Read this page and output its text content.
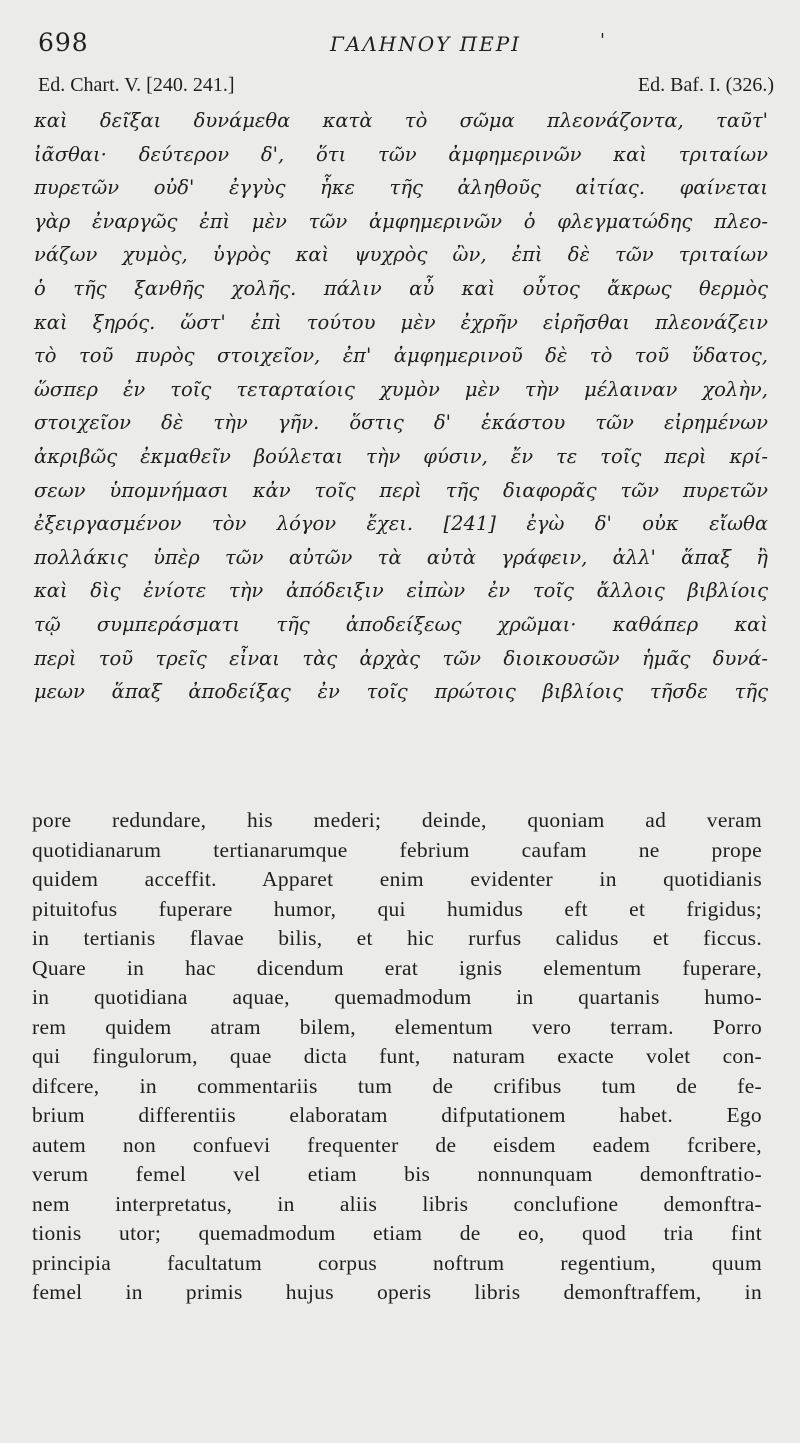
698	ΓΑΛΗΝΟΥ ΠΕΡΙ	'
Ed. Chart. V. [240. 241.]	Ed. Baf. I. (326.)
καὶ δεῖξαι δυνάμεθα κατὰ τὸ σῶμα πλεονάζοντα, ταῦτ'
ἰᾶσθαι· δεύτερον δ', ὅτι τῶν ἀμφημερινῶν καὶ τριταίων
πυρετῶν οὐδ' ἐγγὺς ἧκε τῆς ἀληθοῦς αἰτίας. φαίνεται
γὰρ ἐναργῶς ἐπὶ μὲν τῶν ἀμφημερινῶν ὁ φλεγματώδης πλεο-
νάζων χυμὸς, ὑγρὸς καὶ ψυχρὸς ὢν, ἐπὶ δὲ τῶν τριταίων
ὁ τῆς ξανθῆς χολῆς. πάλιν αὖ καὶ οὗτος ἄκρως θερμὸς
καὶ ξηρός. ὥστ' ἐπὶ τούτου μὲν ἐχρῆν εἰρῆσθαι πλεονάζειν
τὸ τοῦ πυρὸς στοιχεῖον, ἐπ' ἀμφημερινοῦ δὲ τὸ τοῦ ὕδατος,
ὥσπερ ἐν τοῖς τεταρταίοις χυμὸν μὲν τὴν μέλαιναν χολὴν,
στοιχεῖον δὲ τὴν γῆν. ὅστις δ' ἑκάστου τῶν εἰρημένων
ἀκριβῶς ἐκμαθεῖν βούλεται τὴν φύσιν, ἔν τε τοῖς περὶ κρί-
σεων ὑπομνήμασι κἀν τοῖς περὶ τῆς διαφορᾶς τῶν πυρετῶν
ἐξειργασμένον τὸν λόγον ἔχει. [241] ἐγὼ δ' οὐκ εἴωθα
πολλάκις ὑπὲρ τῶν αὐτῶν τὰ αὐτὰ γράφειν, ἀλλ' ἅπαξ ἢ
καὶ δὶς ἐνίοτε τὴν ἀπόδειξιν εἰπὼν ἐν τοῖς ἄλλοις βιβλίοις
τῷ συμπεράσματι τῆς ἀποδείξεως χρῶμαι· καθάπερ καὶ
περὶ τοῦ τρεῖς εἶναι τὰς ἀρχὰς τῶν διοικουσῶν ἡμᾶς δυνά-
μεων ἅπαξ ἀποδείξας ἐν τοῖς πρώτοις βιβλίοις τῆσδε τῆς
pore redundare, his mederi; deinde, quoniam ad veram
quotidianarum tertianarumque febrium caufam ne prope
quidem acceffit. Apparet enim evidenter in quotidianis
pituitofus fuperare humor, qui humidus eft et frigidus;
in tertianis flavae bilis, et hic rurfus calidus et ficcus.
Quare in hac dicendum erat ignis elementum fuperare,
in quotidiana aquae, quemadmodum in quartanis humo-
rem quidem atram bilem, elementum vero terram. Porro
qui fingulorum, quae dicta funt, naturam exacte volet con-
difcere, in commentariis tum de crifibus tum de fe-
brium differentiis elaboratam difputationem habet. Ego
autem non confuevi frequenter de eisdem eadem fcribere,
verum femel vel etiam bis nonnunquam demonftratio-
nem interpretatus, in aliis libris conclufione demonftra-
tionis utor; quemadmodum etiam de eo, quod tria fint
principia facultatum corpus noftrum regentium, quum
femel in primis hujus operis libris demonftraffem, in
